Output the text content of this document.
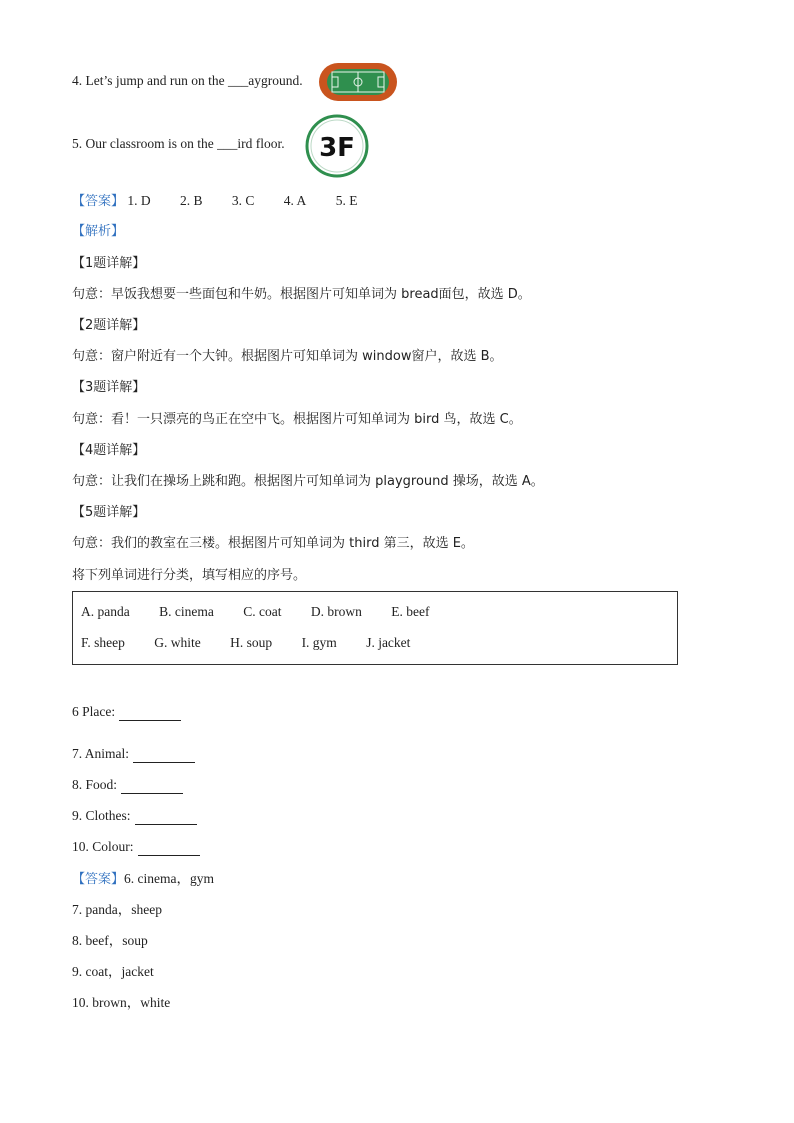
4. Let’s jump and run on the ___ayground.
5. Our classroom is on the ___ird floor. 3F
【答案】 1. D 2. B 3. C 4. A 5. E
【解析】
【1题详解】
句意：早饭我想要一些面包和牛奶。根据图片可知单词为 bread面包，故选 D。
【2题详解】
句意：窗户附近有一个大钟。根据图片可知单词为 window窗户，故选 B。
【3题详解】
句意：看！一只漂亮的鸟正在空中飞。根据图片可知单词为 bird 鸟，故选 C。
【4题详解】
句意：让我们在操场上跳和跑。根据图片可知单词为 playground 操场，故选 A。
【5题详解】
句意：我们的教室在三楼。根据图片可知单词为 third 第三，故选 E。
将下列单词进行分类，填写相应的序号。
A. panda B. cinema C. coat D. brown E. beef
F. sheep G. white H. soup I. gym J. jacket
6 Place:
7. Animal:
8. Food:
9. Clothes:
10. Colour:
【答案】6. cinema，gym
7. panda，sheep
8. beef，soup
9. coat，jacket
10. brown，white
